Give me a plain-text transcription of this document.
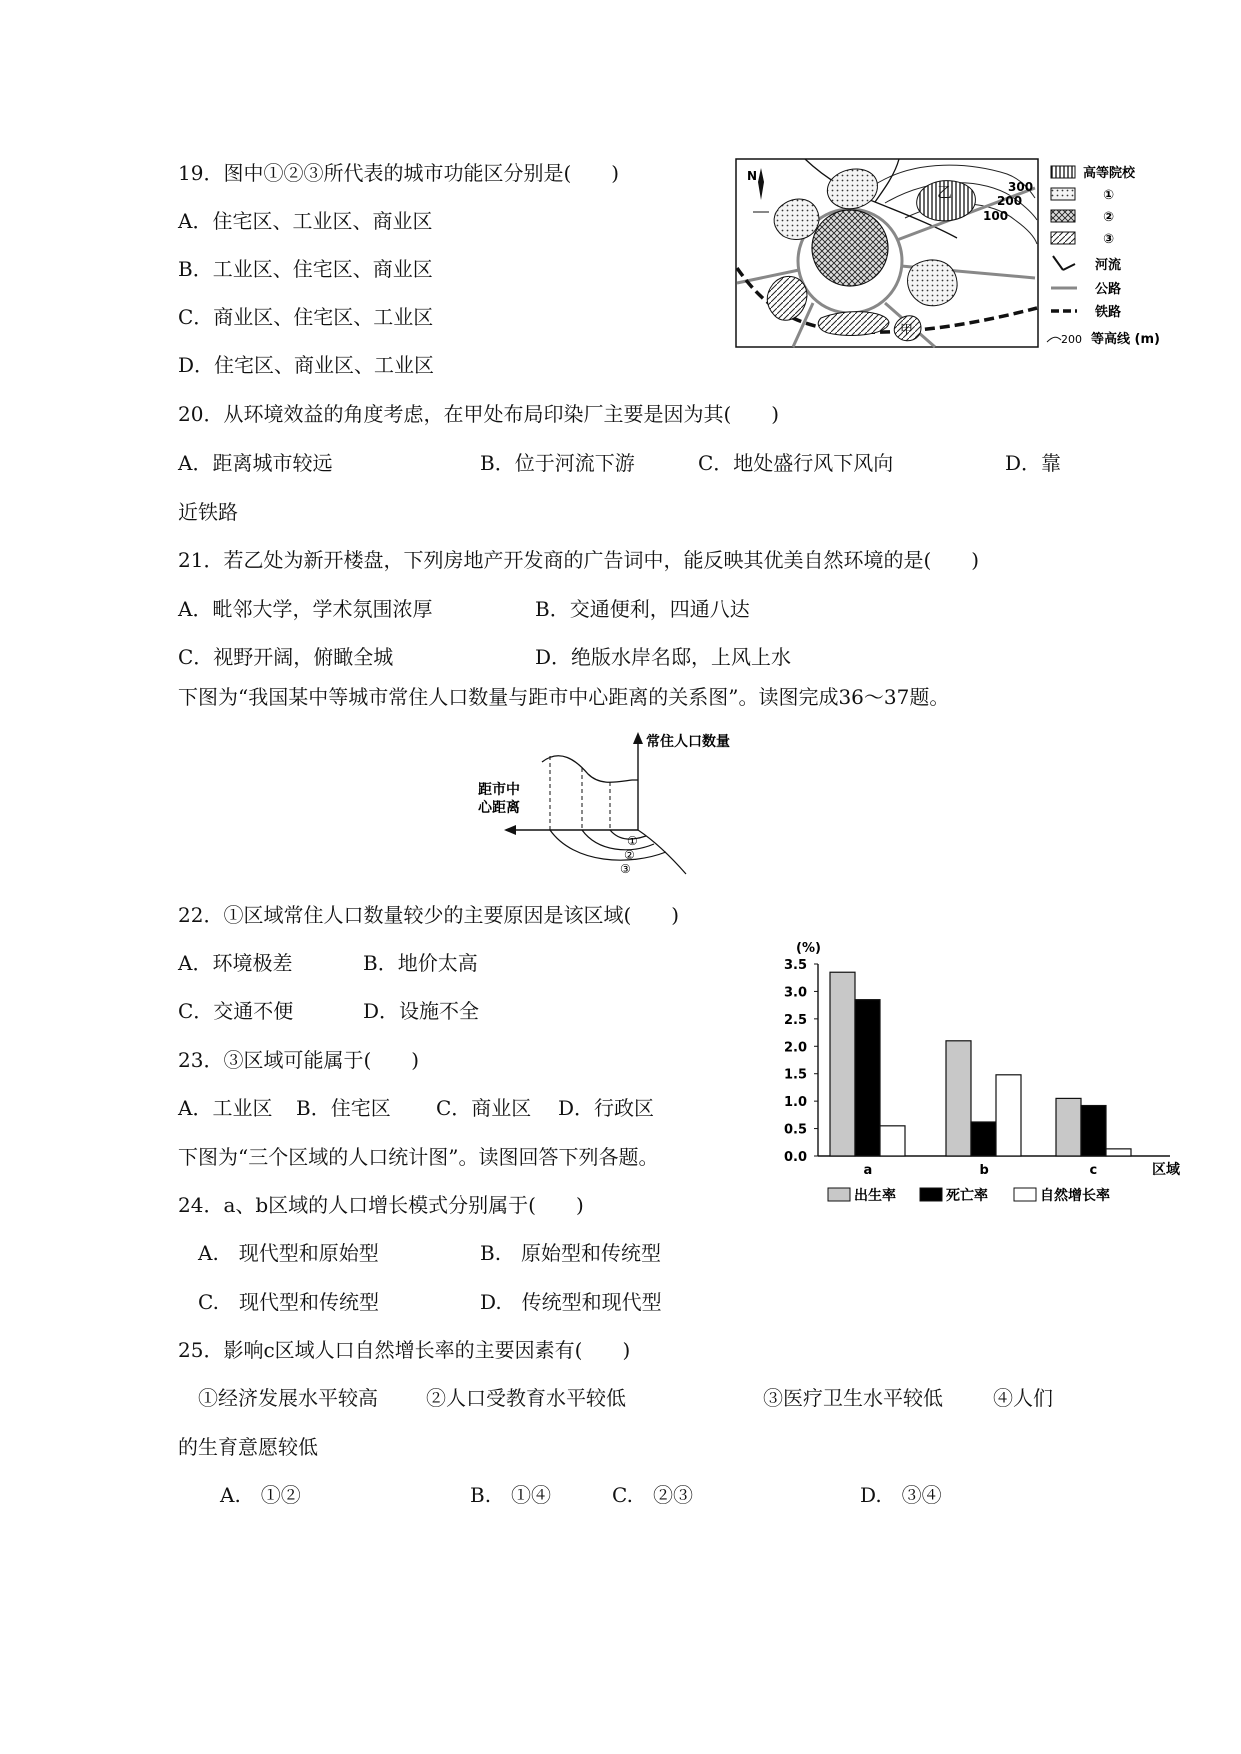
19．图中①②③所代表的城市功能区分别是(　　)
A．住宅区、工业区、商业区
B．工业区、住宅区、商业区
C．商业区、住宅区、工业区
D．住宅区、商业区、工业区
20．从环境效益的角度考虑，在甲处布局印染厂主要是因为其(　　)
A．距离城市较远	B．位于河流下游	C．地处盛行风下风向	D．靠
近铁路
21．若乙处为新开楼盘，下列房地产开发商的广告词中，能反映其优美自然环境的是(　　)
A．毗邻大学，学术氛围浓厚	B．交通便利，四通八达
C．视野开阔，俯瞰全城	D．绝版水岸名邸，上风上水
下图为“我国某中等城市常住人口数量与距市中心距离的关系图”。读图完成36～37题。
22．①区域常住人口数量较少的主要原因是该区域(　　)
A．环境极差	B．地价太高
C．交通不便	D．设施不全
23．③区域可能属于(　　)
A．工业区 B．住宅区 C．商业区 D．行政区
下图为“三个区域的人口统计图”。读图回答下列各题。
24．a、b区域的人口增长模式分别属于(　　)
A.　现代型和原始型	B.　原始型和传统型
C.　现代型和传统型	D.　传统型和现代型
25．影响c区域人口自然增长率的主要因素有(　　)
①经济发展水平较高 ②人口受教育水平较低	③医疗卫生水平较低	④人们
的生育意愿较低
A.　①②	B.　①④	C.　②③	D.　③④
乙
甲
300
200
100
N	高等院校
①
②
③
河流
公路
铁路
200 等高线 (m)
常住人口数量
距市中
心距离
①
②
③
(%)
0.0
0.5
1.0
1.5
2.0
2.5
3.0
3.5
a	b	c	区域
出生率	死亡率	自然增长率
